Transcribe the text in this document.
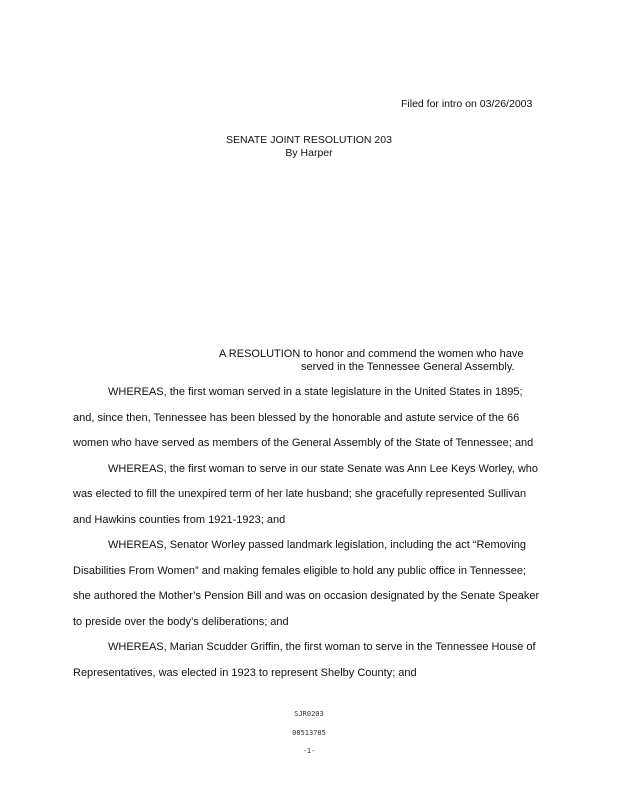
Filed for intro on 03/26/2003
SENATE JOINT RESOLUTION 203
By Harper
A RESOLUTION to honor and commend the women who have
served in the Tennessee General Assembly.
WHEREAS, the first woman served in a state legislature in the United States in 1895;
and, since then, Tennessee has been blessed by the honorable and astute service of the 66
women who have served as members of the General Assembly of the State of Tennessee; and
WHEREAS, the first woman to serve in our state Senate was Ann Lee Keys Worley, who
was elected to fill the unexpired term of her late husband; she gracefully represented Sullivan
and Hawkins counties from 1921-1923; and
WHEREAS, Senator Worley passed landmark legislation, including the act “Removing
Disabilities From Women” and making females eligible to hold any public office in Tennessee;
she authored the Mother’s Pension Bill and was on occasion designated by the Senate Speaker
to preside over the body’s deliberations; and
WHEREAS, Marian Scudder Griffin, the first woman to serve in the Tennessee House of
Representatives, was elected in 1923 to represent Shelby County; and
SJR0203
00513785
-1-
